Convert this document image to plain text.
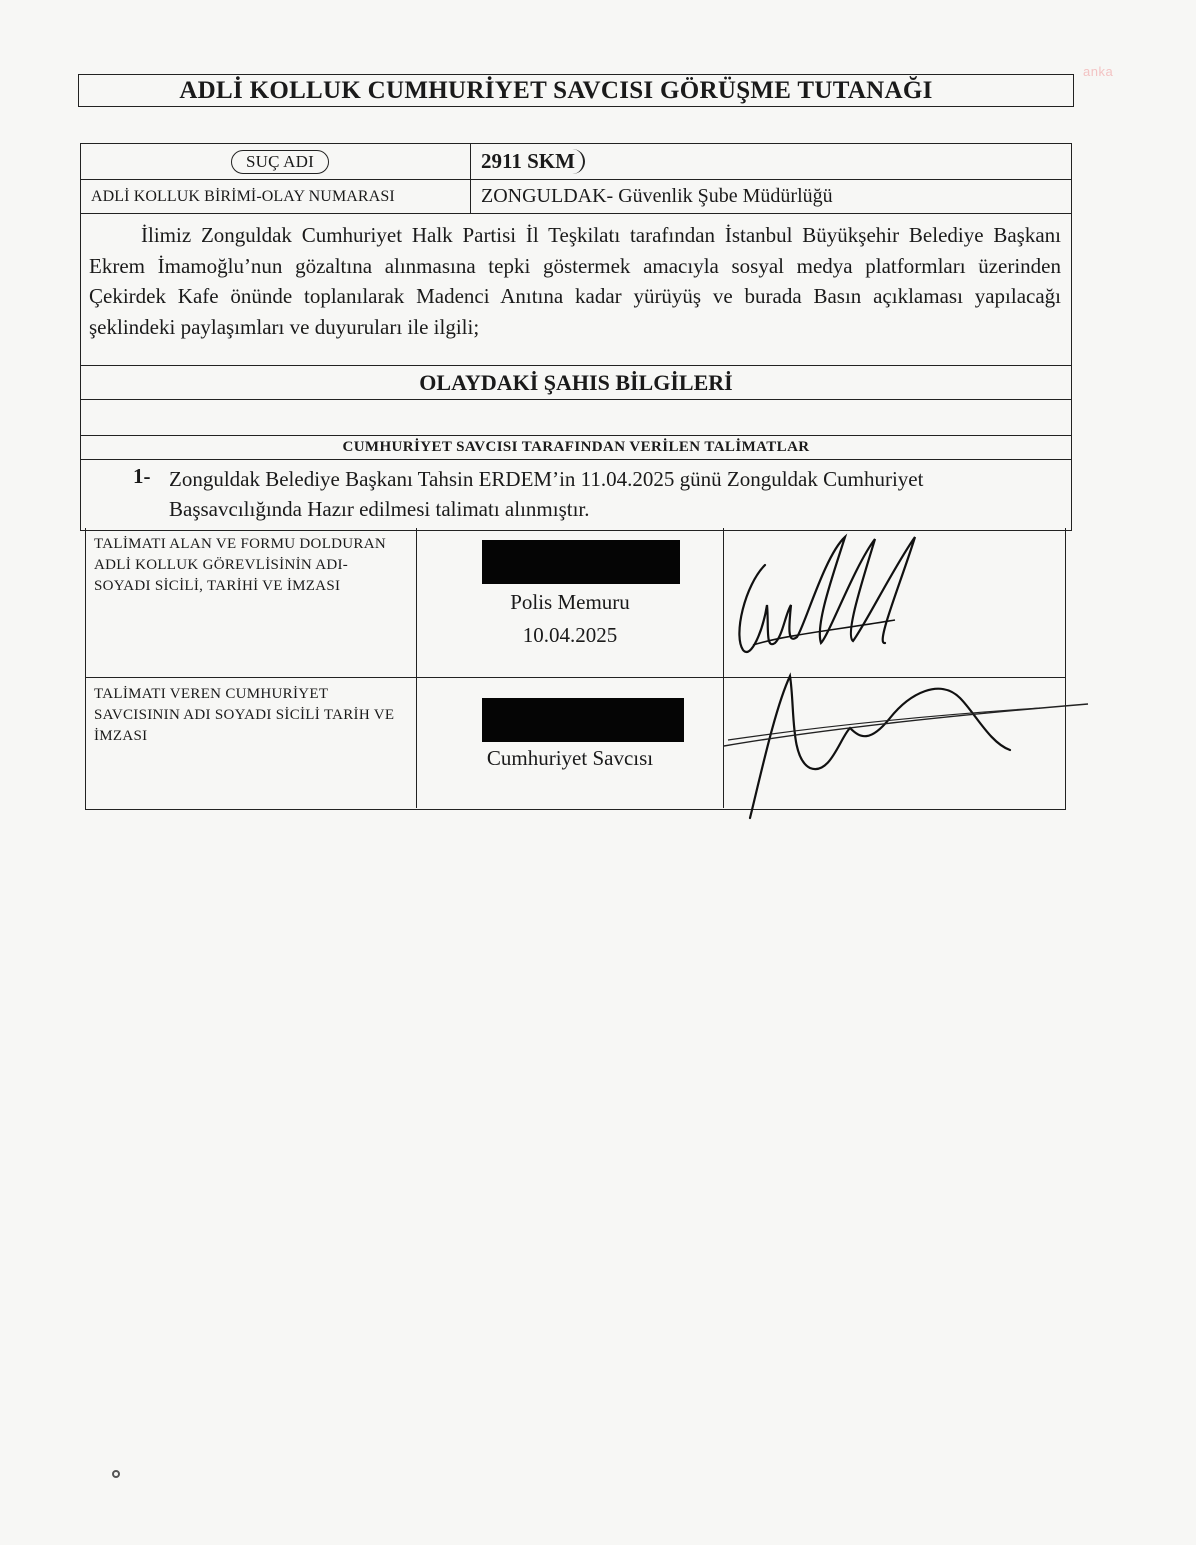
anka
ADLİ KOLLUK CUMHURİYET SAVCISI GÖRÜŞME TUTANAĞI
SUÇ ADI	2911 SKM
ADLİ KOLLUK BİRİMİ-OLAY NUMARASI	ZONGULDAK- Güvenlik Şube Müdürlüğü
İlimiz Zonguldak Cumhuriyet Halk Partisi İl Teşkilatı tarafından İstanbul Büyükşehir Belediye Başkanı Ekrem İmamoğlu’nun gözaltına alınmasına tepki göstermek amacıyla sosyal medya platformları üzerinden Çekirdek Kafe önünde toplanılarak Madenci Anıtına kadar yürüyüş ve burada Basın açıklaması yapılacağı şeklindeki paylaşımları ve duyuruları ile ilgili;
OLAYDAKİ ŞAHIS BİLGİLERİ
CUMHURİYET SAVCISI TARAFINDAN VERİLEN TALİMATLAR
1- Zonguldak Belediye Başkanı Tahsin ERDEM’in 11.04.2025 günü Zonguldak Cumhuriyet Başsavcılığında Hazır edilmesi talimatı alınmıştır.
TALİMATI ALAN VE FORMU DOLDURAN ADLİ KOLLUK GÖREVLİSİNİN ADI-SOYADI SİCİLİ, TARİHİ VE İMZASI
Polis Memuru
10.04.2025
TALİMATI VEREN CUMHURİYET SAVCISININ ADI SOYADI SİCİLİ TARİH VE İMZASI
Cumhuriyet Savcısı
